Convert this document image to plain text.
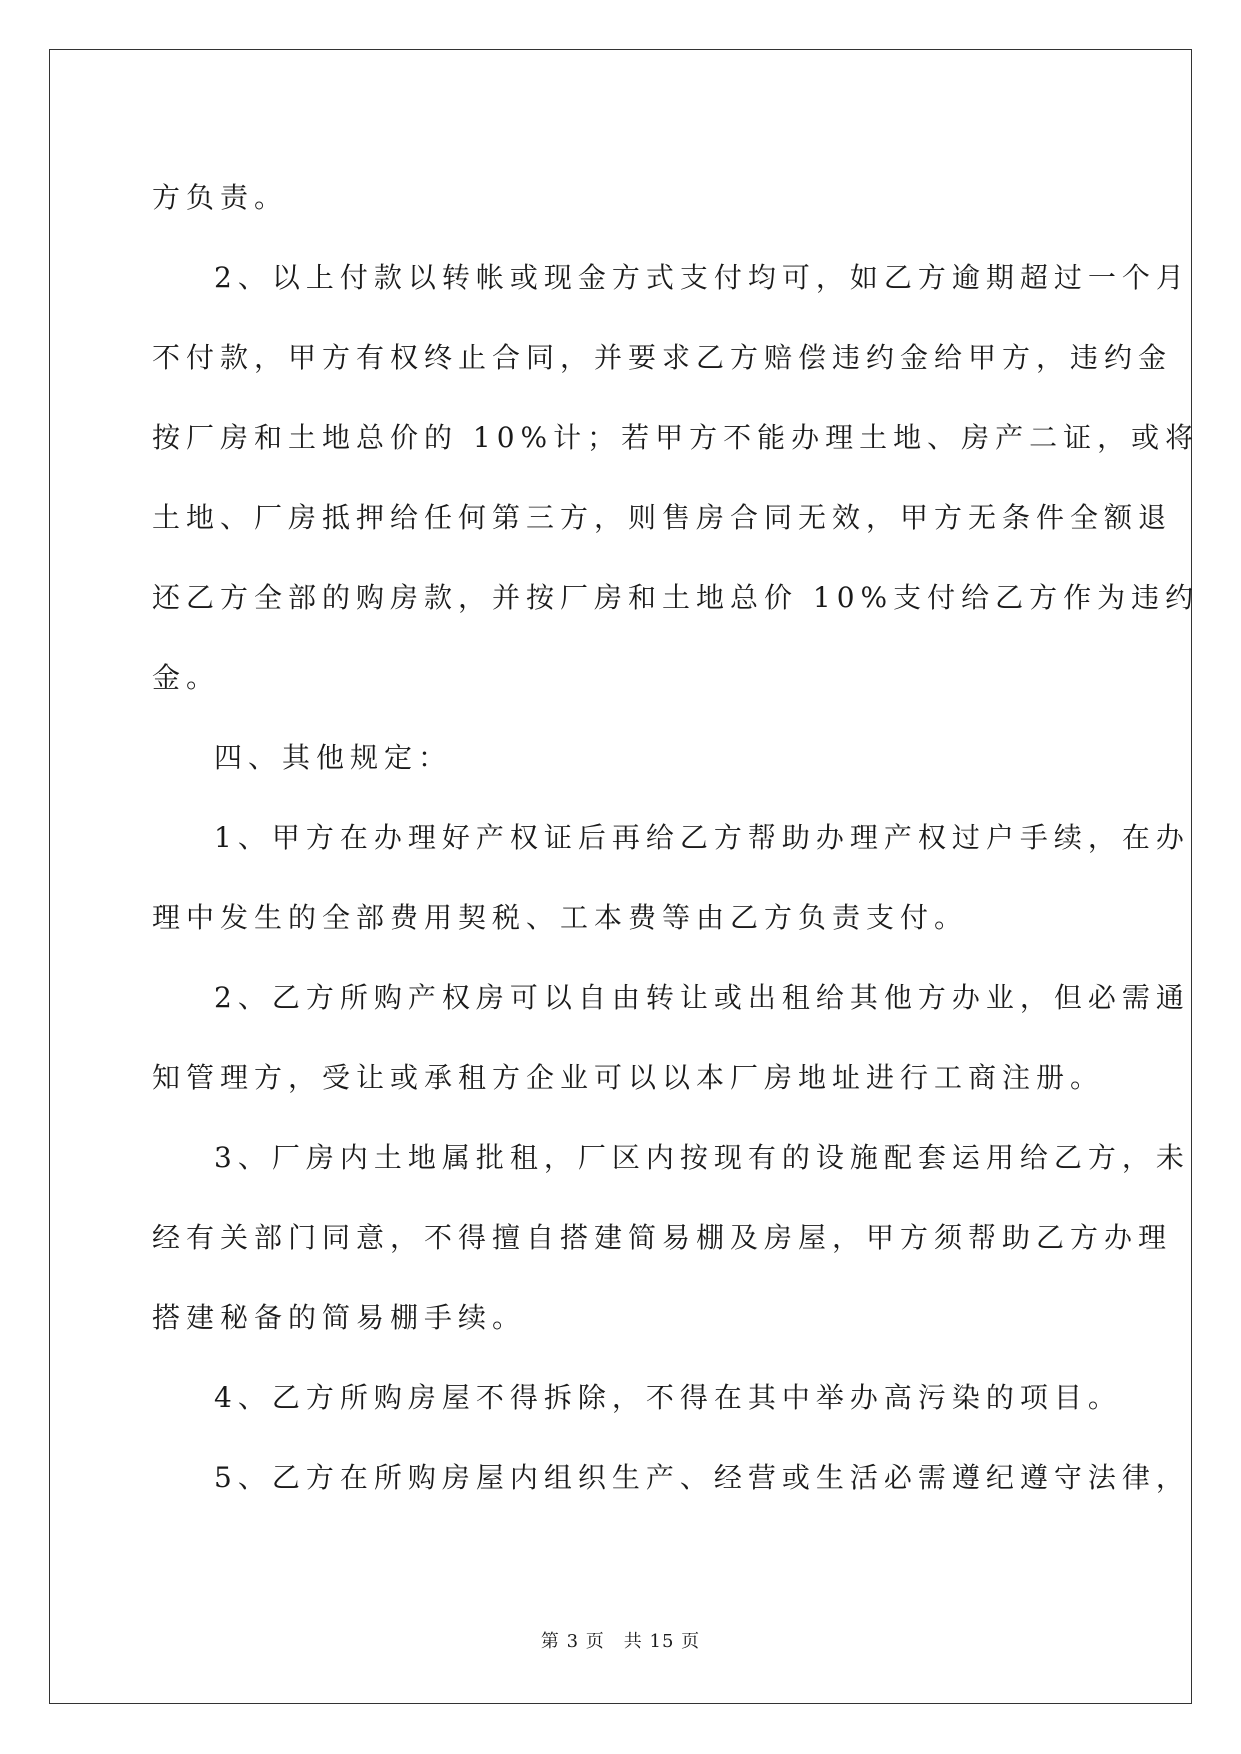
方负责。
2、以上付款以转帐或现金方式支付均可，如乙方逾期超过一个月
不付款，甲方有权终止合同，并要求乙方赔偿违约金给甲方，违约金
按厂房和土地总价的 10%计；若甲方不能办理土地、房产二证，或将
土地、厂房抵押给任何第三方，则售房合同无效，甲方无条件全额退
还乙方全部的购房款，并按厂房和土地总价 10%支付给乙方作为违约
金。
四、其他规定：
1、甲方在办理好产权证后再给乙方帮助办理产权过户手续，在办
理中发生的全部费用契税、工本费等由乙方负责支付。
2、乙方所购产权房可以自由转让或出租给其他方办业，但必需通
知管理方，受让或承租方企业可以以本厂房地址进行工商注册。
3、厂房内土地属批租，厂区内按现有的设施配套运用给乙方，未
经有关部门同意，不得擅自搭建简易棚及房屋，甲方须帮助乙方办理
搭建秘备的简易棚手续。
4、乙方所购房屋不得拆除，不得在其中举办高污染的项目。
5、乙方在所购房屋内组织生产、经营或生活必需遵纪遵守法律，
第 3 页　共 15 页
